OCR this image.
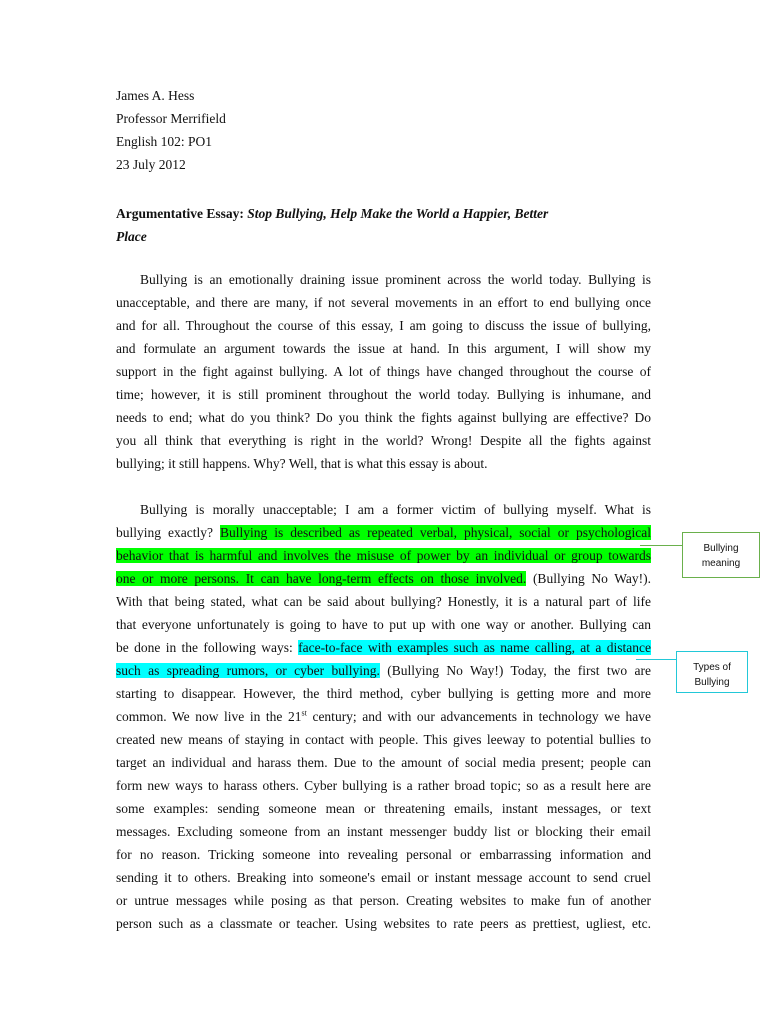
James A. Hess
Professor Merrifield
English 102: PO1
23 July 2012
Argumentative Essay: Stop Bullying, Help Make the World a Happier, Better
Place
Bullying is an emotionally draining issue prominent across the world today. Bullying is
unacceptable, and there are many, if not several movements in an effort to end bullying once
and for all. Throughout the course of this essay, I am going to discuss the issue of bullying,
and formulate an argument towards the issue at hand. In this argument, I will show my
support in the fight against bullying. A lot of things have changed throughout the course of
time; however, it is still prominent throughout the world today. Bullying is inhumane, and
needs to end; what do you think? Do you think the fights against bullying are effective? Do
you all think that everything is right in the world? Wrong! Despite all the fights against
bullying; it still happens. Why? Well, that is what this essay is about.
Bullying is morally unacceptable; I am a former victim of bullying myself. What is
bullying exactly? Bullying is described as repeated verbal, physical, social or psychological
behavior that is harmful and involves the misuse of power by an individual or group towards
one or more persons. It can have long-term effects on those involved. (Bullying No Way!).
With that being stated, what can be said about bullying? Honestly, it is a natural part of life
that everyone unfortunately is going to have to put up with one way or another. Bullying can
be done in the following ways: face-to-face with examples such as name calling, at a distance
such as spreading rumors, or cyber bullying. (Bullying No Way!) Today, the first two are
starting to disappear. However, the third method, cyber bullying is getting more and more
common. We now live in the 21st century; and with our advancements in technology we have
created new means of staying in contact with people. This gives leeway to potential bullies to
target an individual and harass them. Due to the amount of social media present; people can
form new ways to harass others. Cyber bullying is a rather broad topic; so as a result here are
some examples: sending someone mean or threatening emails, instant messages, or text
messages. Excluding someone from an instant messenger buddy list or blocking their email
for no reason. Tricking someone into revealing personal or embarrassing information and
sending it to others. Breaking into someone's email or instant message account to send cruel
or untrue messages while posing as that person. Creating websites to make fun of another
person such as a classmate or teacher. Using websites to rate peers as prettiest, ugliest, etc.
Bullying
meaning
Types of
Bullying
